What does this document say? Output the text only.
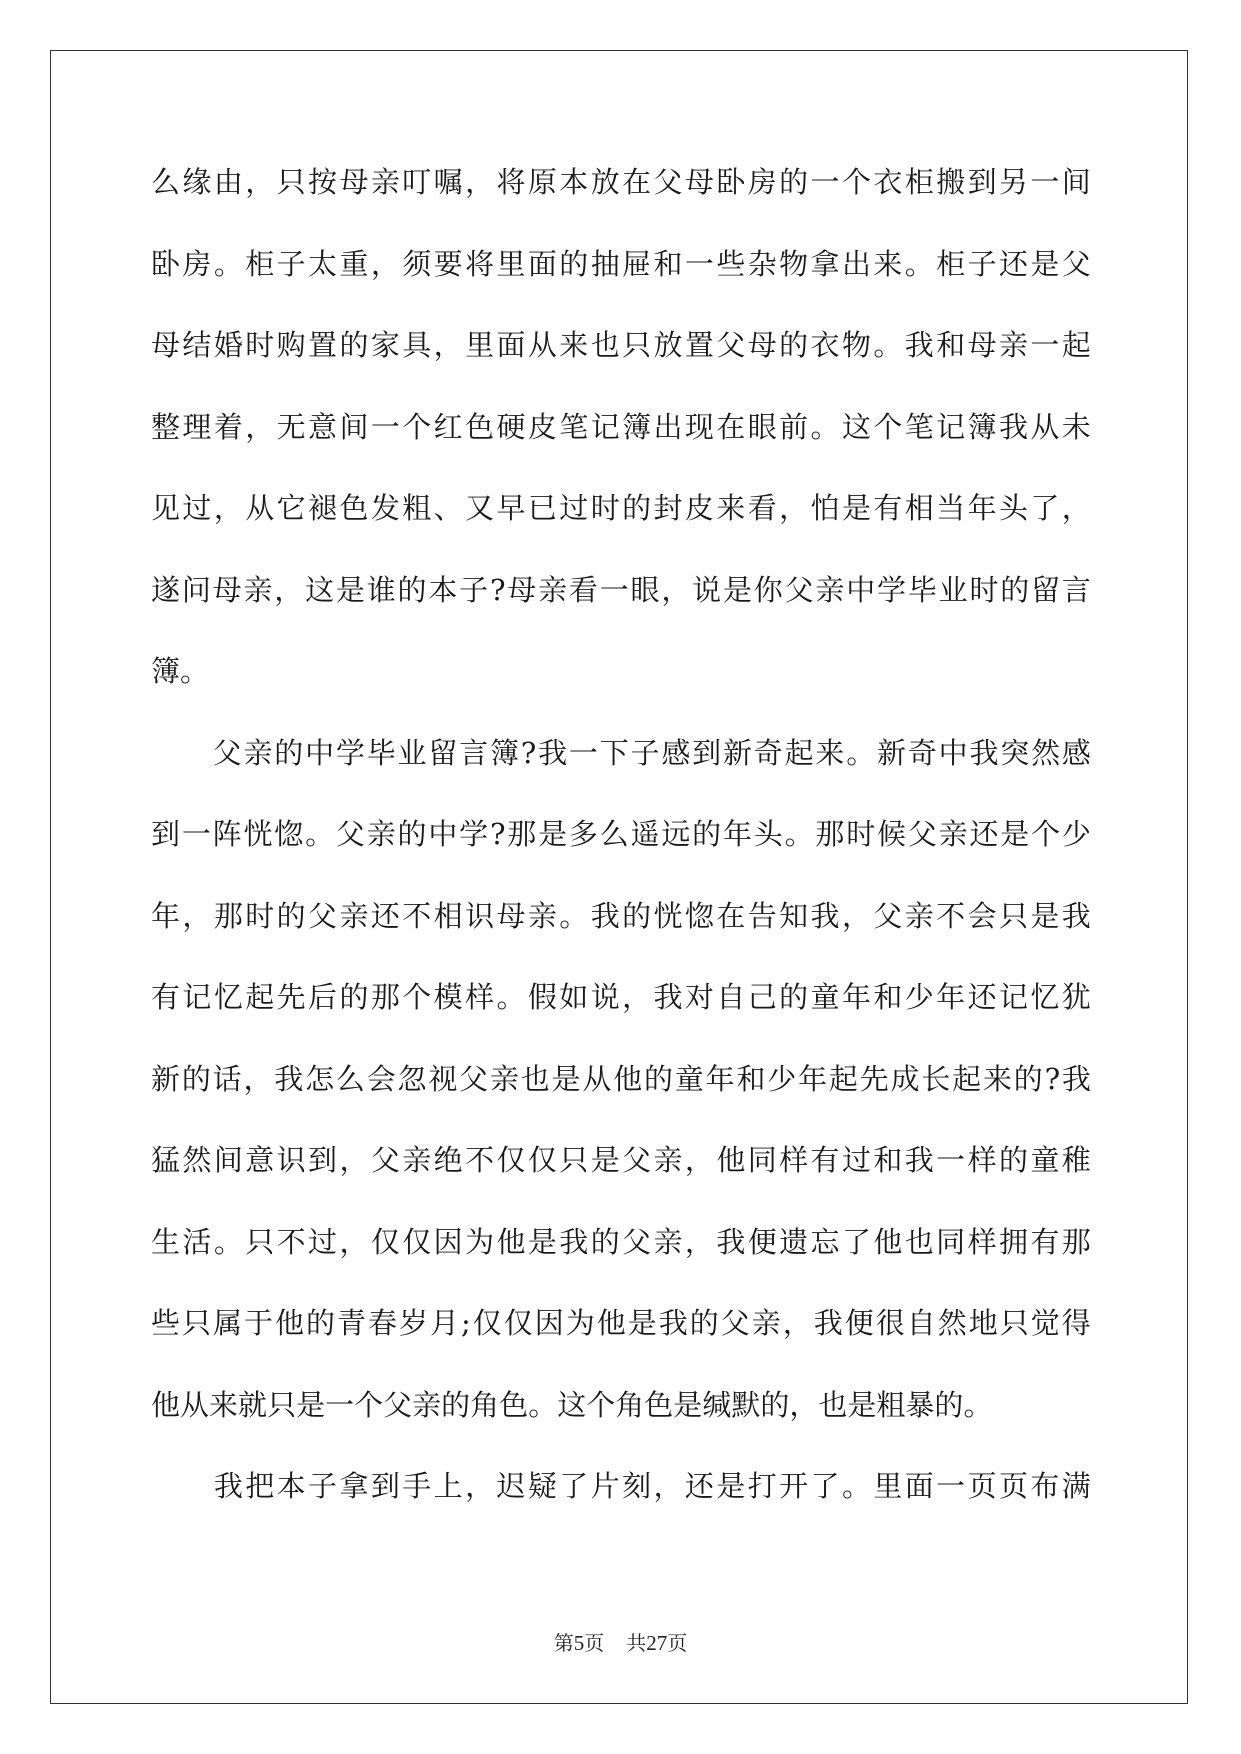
么 缘 由 ， 只 按 母 亲 叮 嘱 ， 将 原 本 放 在 父 母 卧 房 的 一 个 衣 柜 搬 到 另 一 间
卧 房 。 柜 子 太 重 ， 须 要 将 里 面 的 抽 屉 和 一 些 杂 物 拿 出 来 。 柜 子 还 是 父
母 结 婚 时 购 置 的 家 具 ， 里 面 从 来 也 只 放 置 父 母 的 衣 物 。 我 和 母 亲 一 起
整 理 着 ， 无 意 间 一 个 红 色 硬 皮 笔 记 簿 出 现 在 眼 前 。 这 个 笔 记 簿 我 从 未
见 过 ， 从 它 褪 色 发 粗 、 又 早 已 过 时 的 封 皮 来 看 ， 怕 是 有 相 当 年 头 了 ，
遂 问 母 亲 ， 这 是 谁 的 本 子 ? 母 亲 看 一 眼 ， 说 是 你 父 亲 中 学 毕 业 时 的 留 言
簿 。

父 亲 的 中 学 毕 业 留 言 簿 ? 我 一 下 子 感 到 新 奇 起 来 。 新 奇 中 我 突 然 感
到 一 阵 恍 惚 。 父 亲 的 中 学 ? 那 是 多 么 遥 远 的 年 头 。 那 时 候 父 亲 还 是 个 少
年 ， 那 时 的 父 亲 还 不 相 识 母 亲 。 我 的 恍 惚 在 告 知 我 ， 父 亲 不 会 只 是 我
有 记 忆 起 先 后 的 那 个 模 样 。 假 如 说 ， 我 对 自 己 的 童 年 和 少 年 还 记 忆 犹
新 的 话 ， 我 怎 么 会 忽 视 父 亲 也 是 从 他 的 童 年 和 少 年 起 先 成 长 起 来 的 ? 我
猛 然 间 意 识 到 ， 父 亲 绝 不 仅 仅 只 是 父 亲 ， 他 同 样 有 过 和 我 一 样 的 童 稚
生 活 。 只 不 过 ， 仅 仅 因 为 他 是 我 的 父 亲 ， 我 便 遗 忘 了 他 也 同 样 拥 有 那
些 只 属 于 他 的 青 春 岁 月 ; 仅 仅 因 为 他 是 我 的 父 亲 ， 我 便 很 自 然 地 只 觉 得
他 从 来 就 只 是 一 个 父 亲 的 角 色 。 这 个 角 色 是 缄 默 的 ， 也 是 粗 暴 的 。

我 把 本 子 拿 到 手 上 ， 迟 疑 了 片 刻 ， 还 是 打 开 了 。 里 面 一 页 页 布 满
第5页 共27页
